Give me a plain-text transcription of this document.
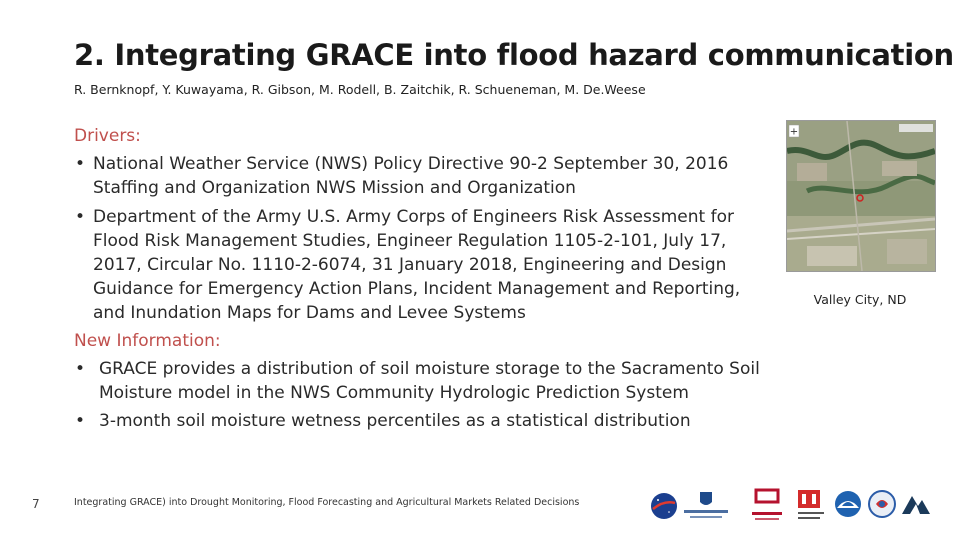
2. Integrating GRACE into flood hazard communication
R. Bernknopf, Y. Kuwayama, R. Gibson, M. Rodell, B. Zaitchik, R. Schueneman, M. De.Weese

Drivers:

• National Weather Service (NWS) Policy Directive 90-2 September 30, 2016 Staffing and Organization NWS Mission and Organization
• Department of the Army U.S. Army Corps of Engineers Risk Assessment for Flood Risk Management Studies, Engineer Regulation 1105-2-101, July 17, 2017, Circular No. 1110-2-6074, 31 January 2018, Engineering and Design Guidance for Emergency Action Plans, Incident Management and Reporting, and Inundation Maps for Dams and Levee Systems

New Information:

• GRACE provides a distribution of soil moisture storage to the Sacramento Soil Moisture model in the NWS Community Hydrologic Prediction System
• 3-month soil moisture wetness percentiles as a statistical distribution
+
Valley City, ND
7	Integrating GRACE) into Drought Monitoring, Flood Forecasting and Agricultural Markets Related Decisions
